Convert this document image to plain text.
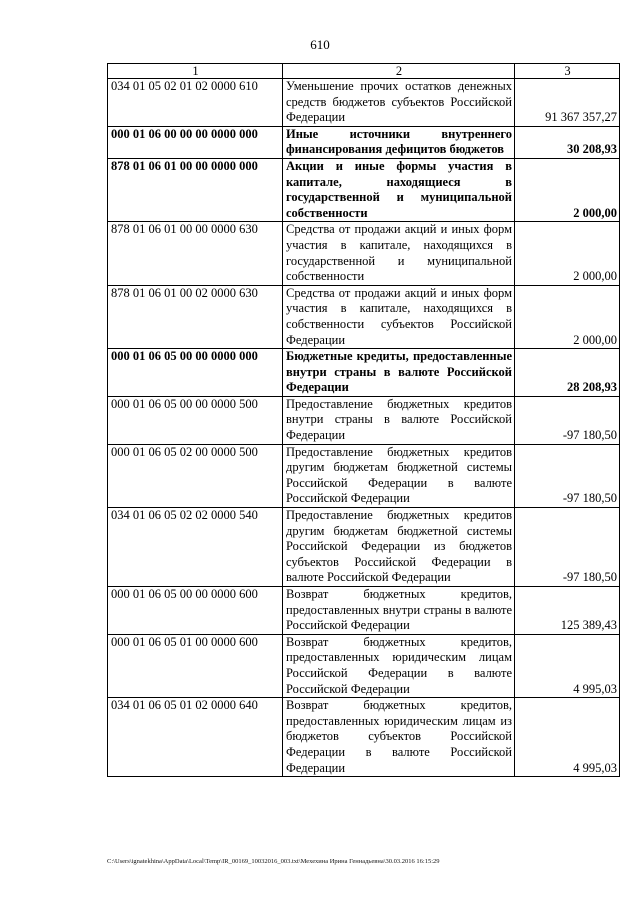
610
1	2	3
034 01 05 02 01 02 0000 610	Уменьшение прочих остатков денежных средств бюджетов субъектов Российской Федерации	91 367 357,27
000 01 06 00 00 00 0000 000	Иные источники внутреннего финансирования дефицитов бюджетов	30 208,93
878 01 06 01 00 00 0000 000	Акции и иные формы участия в капитале, находящиеся в государственной и муниципальной собственности	2 000,00
878 01 06 01 00 00 0000 630	Средства от продажи акций и иных форм участия в капитале, находящихся в государственной и муниципальной собственности	2 000,00
878 01 06 01 00 02 0000 630	Средства от продажи акций и иных форм участия в капитале, находящихся в собственности субъектов Российской Федерации	2 000,00
000 01 06 05 00 00 0000 000	Бюджетные кредиты, предоставленные внутри страны в валюте Российской Федерации	28 208,93
000 01 06 05 00 00 0000 500	Предоставление бюджетных кредитов внутри страны в валюте Российской Федерации	-97 180,50
000 01 06 05 02 00 0000 500	Предоставление бюджетных кредитов другим бюджетам бюджетной системы Российской Федерации в валюте Российской Федерации	-97 180,50
034 01 06 05 02 02 0000 540	Предоставление бюджетных кредитов другим бюджетам бюджетной системы Российской Федерации из бюджетов субъектов Российской Федерации в валюте Российской Федерации	-97 180,50
000 01 06 05 00 00 0000 600	Возврат бюджетных кредитов, предоставленных внутри страны в валюте Российской Федерации	125 389,43
000 01 06 05 01 00 0000 600	Возврат бюджетных кредитов, предоставленных юридическим лицам Российской Федерации в валюте Российской Федерации	4 995,03
034 01 06 05 01 02 0000 640	Возврат бюджетных кредитов, предоставленных юридическим лицам из бюджетов субъектов Российской Федерации в валюте Российской Федерации	4 995,03
C:\Users\ignatekhina\AppData\Local\Temp\IR_00169_10032016_003.txt\Мехехина Ирина Геннадьевна\30.03.2016 16:15:29
